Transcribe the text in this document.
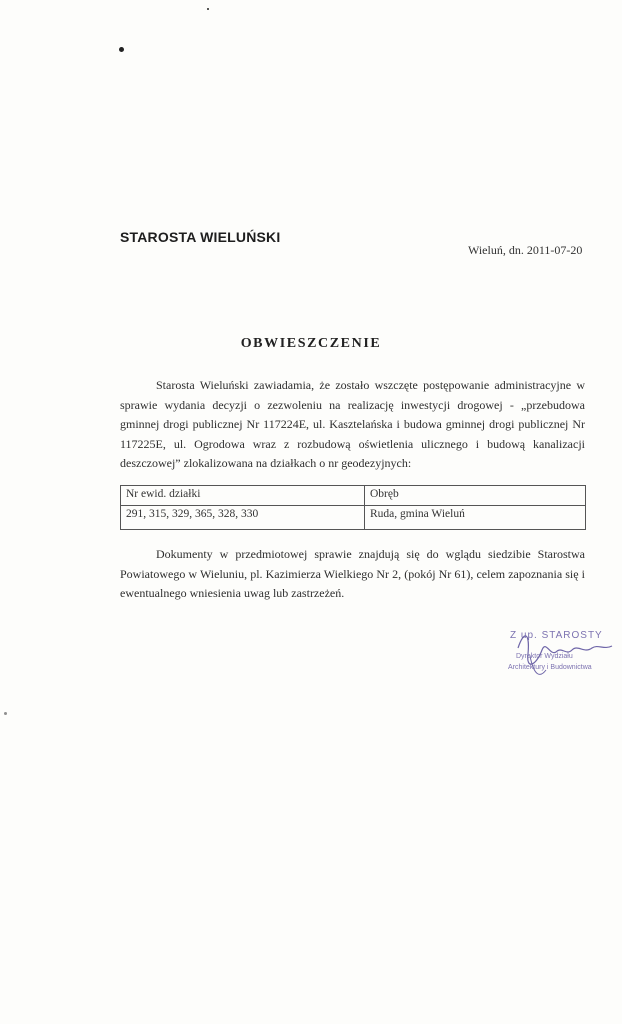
STAROSTA WIELUŃSKI
Wieluń, dn. 2011-07-20
OBWIESZCZENIE

Starosta Wieluński zawiadamia, że zostało wszczęte postępowanie administracyjne w sprawie wydania decyzji o zezwoleniu na realizację inwestycji drogowej - „przebudowa gminnej drogi publicznej Nr 117224E, ul. Kasztelańska i budowa gminnej drogi publicznej Nr 117225E, ul. Ogrodowa wraz z rozbudową oświetlenia ulicznego i budową kanalizacji deszczowej” zlokalizowana na działkach o nr geodezyjnych:

Nr ewid. działki	Obręb
291, 315, 329, 365, 328, 330	Ruda, gmina Wieluń

Dokumenty w przedmiotowej sprawie znajdują się do wglądu siedzibie Starostwa Powiatowego w Wieluniu, pl. Kazimierza Wielkiego Nr 2, (pokój Nr 61), celem zapoznania się i ewentualnego wniesienia uwag lub zastrzeżeń.

Z up. STAROSTY
Dyrektor Wydziału
Architektury i Budownictwa
